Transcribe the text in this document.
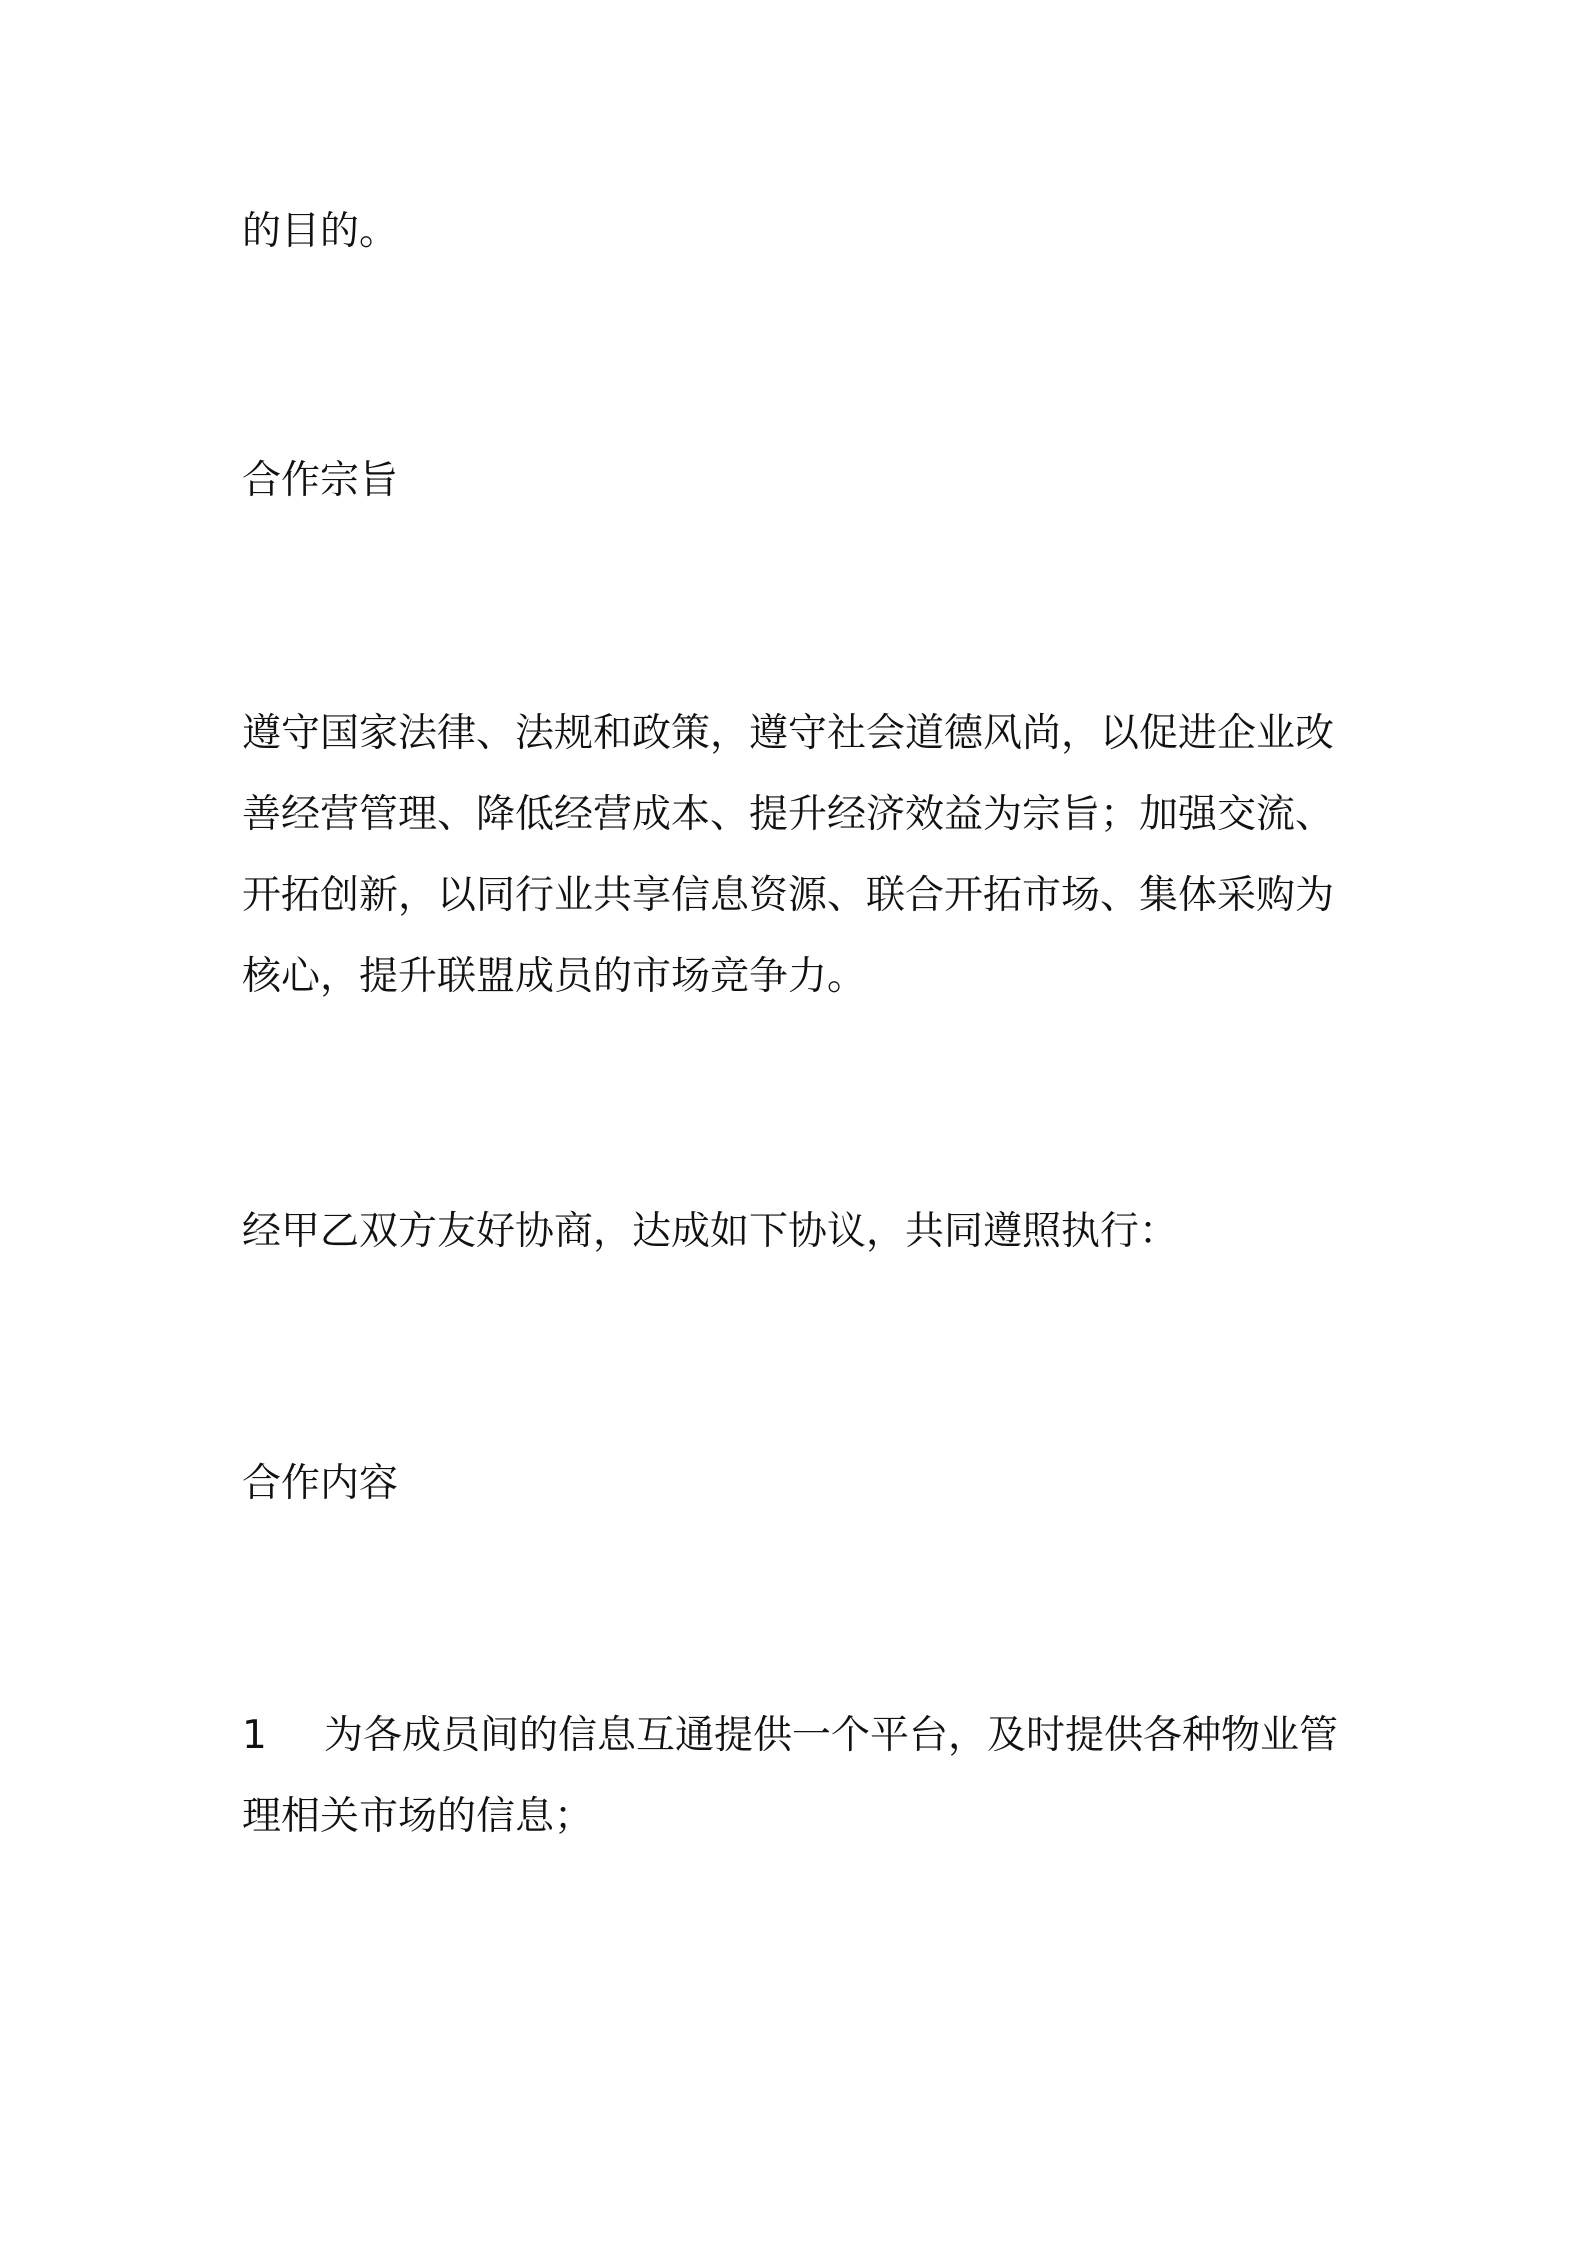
的目的。

合作宗旨

遵守国家法律、法规和政策，遵守社会道德风尚，以促进企业改
善经营管理、降低经营成本、提升经济效益为宗旨；加强交流、
开拓创新，以同行业共享信息资源、联合开拓市场、集体采购为
核心，提升联盟成员的市场竞争力。

经甲乙双方友好协商，达成如下协议，共同遵照执行：

合作内容

1 为各成员间的信息互通提供一个平台，及时提供各种物业管
理相关市场的信息；
